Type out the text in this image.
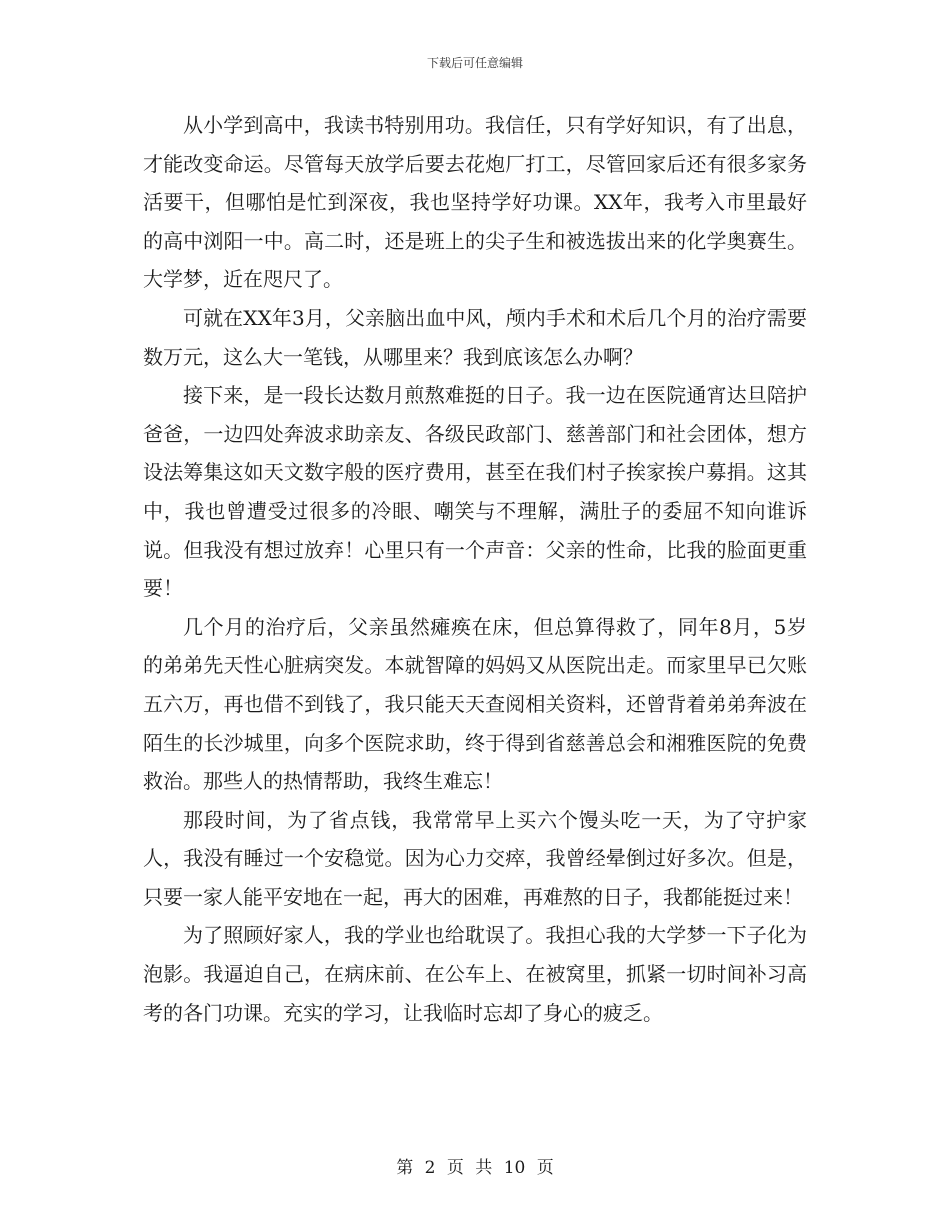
下载后可任意编辑

从小学到高中，我读书特别用功。我信任，只有学好知识，有了出息，才能改变命运。尽管每天放学后要去花炮厂打工，尽管回家后还有很多家务活要干，但哪怕是忙到深夜，我也坚持学好功课。XX年，我考入市里最好的高中浏阳一中。高二时，还是班上的尖子生和被选拔出来的化学奥赛生。大学梦，近在咫尺了。

可就在XX年3月，父亲脑出血中风，颅内手术和术后几个月的治疗需要数万元，这么大一笔钱，从哪里来？我到底该怎么办啊？

接下来，是一段长达数月煎熬难挺的日子。我一边在医院通宵达旦陪护爸爸，一边四处奔波求助亲友、各级民政部门、慈善部门和社会团体，想方设法筹集这如天文数字般的医疗费用，甚至在我们村子挨家挨户募捐。这其中，我也曾遭受过很多的冷眼、嘲笑与不理解，满肚子的委屈不知向谁诉说。但我没有想过放弃！心里只有一个声音：父亲的性命，比我的脸面更重要！

几个月的治疗后，父亲虽然瘫痪在床，但总算得救了，同年8月，5岁的弟弟先天性心脏病突发。本就智障的妈妈又从医院出走。而家里早已欠账五六万，再也借不到钱了，我只能天天查阅相关资料，还曾背着弟弟奔波在陌生的长沙城里，向多个医院求助，终于得到省慈善总会和湘雅医院的免费救治。那些人的热情帮助，我终生难忘！

那段时间，为了省点钱，我常常早上买六个馒头吃一天，为了守护家人，我没有睡过一个安稳觉。因为心力交瘁，我曾经晕倒过好多次。但是，只要一家人能平安地在一起，再大的困难，再难熬的日子，我都能挺过来！

为了照顾好家人，我的学业也给耽误了。我担心我的大学梦一下子化为泡影。我逼迫自己，在病床前、在公车上、在被窝里，抓紧一切时间补习高考的各门功课。充实的学习，让我临时忘却了身心的疲乏。

第 2 页 共 10 页
